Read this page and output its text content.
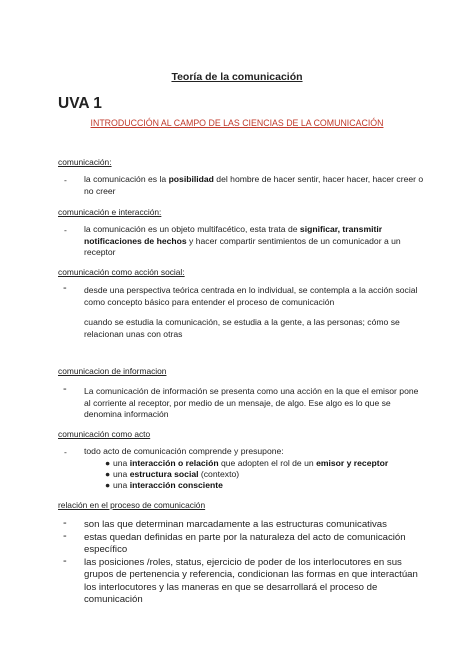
Teoría de la comunicación
UVA 1
INTRODUCCIÓN AL CAMPO DE LAS CIENCIAS DE LA COMUNICACIÓN
comunicación:
- la comunicación es la posibilidad del hombre de hacer sentir, hacer hacer, hacer creer o no creer
comunicación e interacción:
- la comunicación es un objeto multifacético, esta trata de significar, transmitir notificaciones de hechos y hacer compartir sentimientos de un comunicador a un receptor
comunicación como acción social:
- desde una perspectiva teórica centrada en lo individual, se contempla a la acción social como concepto básico para entender el proceso de comunicación
cuando se estudia la comunicación, se estudia a la gente, a las personas; cómo se relacionan unas con otras
comunicacion de informacion
- La comunicación de información se presenta como una acción en la que el emisor pone al corriente al receptor, por medio de un mensaje, de algo. Ese algo es lo que se denomina información
comunicación como acto
- todo acto de comunicación comprende y presupone:
● una interacción o relación que adopten el rol de un emisor y receptor
● una estructura social (contexto)
● una interacción consciente
relación en el proceso de comunicación
- son las que determinan marcadamente a las estructuras comunicativas
- estas quedan definidas en parte por la naturaleza del acto de comunicación específico
- las posiciones /roles, status, ejercicio de poder de los interlocutores en sus grupos de pertenencia y referencia, condicionan las formas en que interactúan los interlocutores y las maneras en que se desarrollará el proceso de comunicación
